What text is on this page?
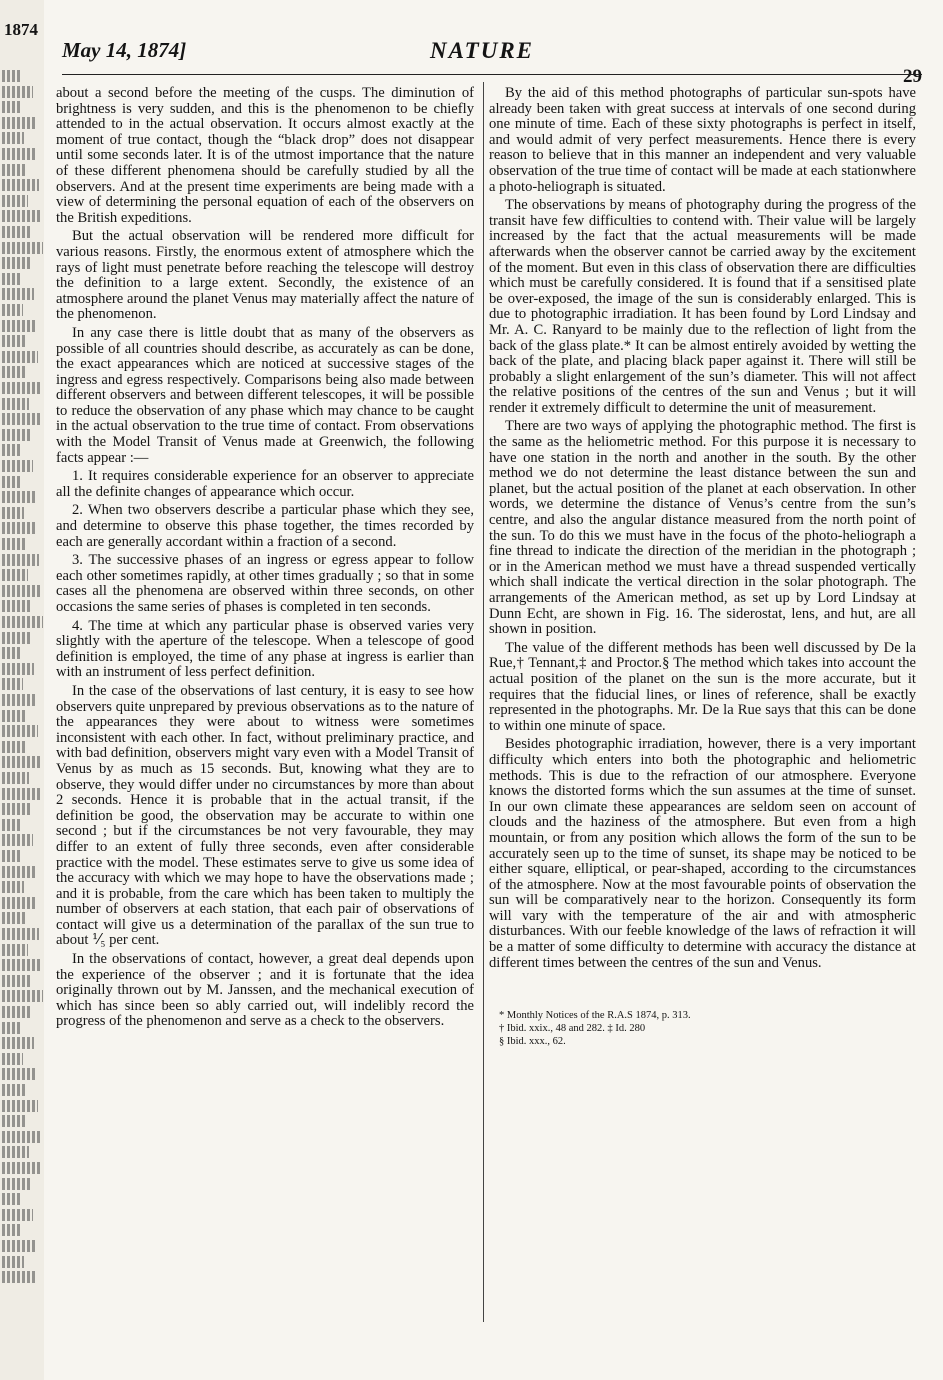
1874
May 14, 1874]	NATURE
29

about a second before the meeting of the cusps. The diminution of brightness is very sudden, and this is the phenomenon to be chiefly attended to in the actual observation. It occurs almost exactly at the moment of true contact, though the “black drop” does not disappear until some seconds later. It is of the utmost importance that the nature of these different phenomena should be carefully studied by all the observers. And at the present time experiments are being made with a view of determining the personal equation of each of the observers on the British expeditions.

But the actual observation will be rendered more difficult for various reasons. Firstly, the enormous extent of atmosphere which the rays of light must penetrate before reaching the telescope will destroy the definition to a large extent. Secondly, the existence of an atmosphere around the planet Venus may materially affect the nature of the phenomenon.

In any case there is little doubt that as many of the observers as possible of all countries should describe, as accurately as can be done, the exact appearances which are noticed at successive stages of the ingress and egress respectively. Comparisons being also made between different observers and between different telescopes, it will be possible to reduce the observation of any phase which may chance to be caught in the actual observation to the true time of contact. From observations with the Model Transit of Venus made at Greenwich, the following facts appear :—

1. It requires considerable experience for an observer to appreciate all the definite changes of appearance which occur.

2. When two observers describe a particular phase which they see, and determine to observe this phase together, the times recorded by each are generally accordant within a fraction of a second.

3. The successive phases of an ingress or egress appear to follow each other sometimes rapidly, at other times gradually ; so that in some cases all the phenomena are observed within three seconds, on other occasions the same series of phases is completed in ten seconds.

4. The time at which any particular phase is observed varies very slightly with the aperture of the telescope. When a telescope of good definition is employed, the time of any phase at ingress is earlier than with an instrument of less perfect definition.

In the case of the observations of last century, it is easy to see how observers quite unprepared by previous observations as to the nature of the appearances they were about to witness were sometimes inconsistent with each other. In fact, without preliminary practice, and with bad definition, observers might vary even with a Model Transit of Venus by as much as 15 seconds. But, knowing what they are to observe, they would differ under no circumstances by more than about 2 seconds. Hence it is probable that in the actual transit, if the definition be good, the observation may be accurate to within one second ; but if the circumstances be not very favourable, they may differ to an extent of fully three seconds, even after considerable practice with the model. These estimates serve to give us some idea of the accuracy with which we may hope to have the observations made ; and it is probable, from the care which has been taken to multiply the number of observers at each station, that each pair of observations of contact will give us a determination of the parallax of the sun true to about ⅟₅ per cent.

In the observations of contact, however, a great deal depends upon the experience of the observer ; and it is fortunate that the idea originally thrown out by M. Janssen, and the mechanical execution of which has since been so ably carried out, will indelibly record the progress of the phenomenon and serve as a check to the observers.

By the aid of this method photographs of particular sun-spots have already been taken with great success at intervals of one second during one minute of time. Each of these sixty photographs is perfect in itself, and would admit of very perfect measurements. Hence there is every reason to believe that in this manner an independent and very valuable observation of the true time of contact will be made at each stationwhere a photo-heliograph is situated.

The observations by means of photography during the progress of the transit have few difficulties to contend with. Their value will be largely increased by the fact that the actual measurements will be made afterwards when the observer cannot be carried away by the excitement of the moment. But even in this class of observation there are difficulties which must be carefully considered. It is found that if a sensitised plate be over-exposed, the image of the sun is considerably enlarged. This is due to photographic irradiation. It has been found by Lord Lindsay and Mr. A. C. Ranyard to be mainly due to the reflection of light from the back of the glass plate.* It can be almost entirely avoided by wetting the back of the plate, and placing black paper against it. There will still be probably a slight enlargement of the sun’s diameter. This will not affect the relative positions of the centres of the sun and Venus ; but it will render it extremely difficult to determine the unit of measurement.

There are two ways of applying the photographic method. The first is the same as the heliometric method. For this purpose it is necessary to have one station in the north and another in the south. By the other method we do not determine the least distance between the sun and planet, but the actual position of the planet at each observation. In other words, we determine the distance of Venus’s centre from the sun’s centre, and also the angular distance measured from the north point of the sun. To do this we must have in the focus of the photo-heliograph a fine thread to indicate the direction of the meridian in the photograph ; or in the American method we must have a thread suspended vertically which shall indicate the vertical direction in the solar photograph. The arrangements of the American method, as set up by Lord Lindsay at Dunn Echt, are shown in Fig. 16. The siderostat, lens, and hut, are all shown in position.

The value of the different methods has been well discussed by De la Rue,† Tennant,‡ and Proctor.§ The method which takes into account the actual position of the planet on the sun is the more accurate, but it requires that the fiducial lines, or lines of reference, shall be exactly represented in the photographs. Mr. De la Rue says that this can be done to within one minute of space.

Besides photographic irradiation, however, there is a very important difficulty which enters into both the photographic and heliometric methods. This is due to the refraction of our atmosphere. Everyone knows the distorted forms which the sun assumes at the time of sunset. In our own climate these appearances are seldom seen on account of clouds and the haziness of the atmosphere. But even from a high mountain, or from any position which allows the form of the sun to be accurately seen up to the time of sunset, its shape may be noticed to be either square, elliptical, or pear-shaped, according to the circumstances of the atmosphere. Now at the most favourable points of observation the sun will be comparatively near to the horizon. Consequently its form will vary with the temperature of the air and with atmospheric disturbances. With our feeble knowledge of the laws of refraction it will be a matter of some difficulty to determine with accuracy the distance at different times between the centres of the sun and Venus.

* Monthly Notices of the R.A.S 1874, p. 313.
† Ibid. xxix., 48 and 282. ‡ Id. 280
§ Ibid. xxx., 62.
